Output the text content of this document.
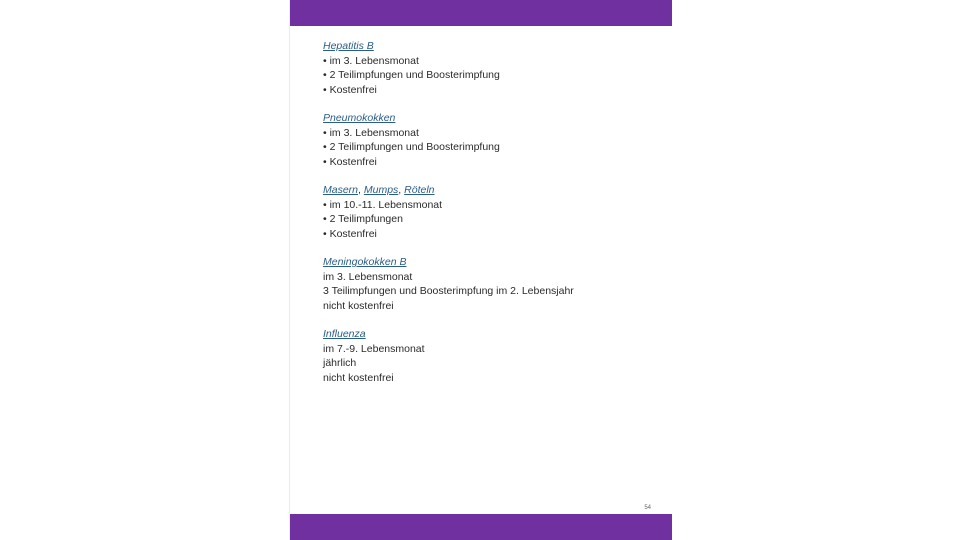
Hepatitis B
• im 3. Lebensmonat
• 2 Teilimpfungen und Boosterimpfung
• Kostenfrei
Pneumokokken
• im 3. Lebensmonat
• 2 Teilimpfungen und Boosterimpfung
• Kostenfrei
Masern, Mumps, Röteln
• im 10.-11. Lebensmonat
• 2 Teilimpfungen
• Kostenfrei
Meningokokken B
im 3. Lebensmonat
3 Teilimpfungen und Boosterimpfung im 2. Lebensjahr
nicht kostenfrei
Influenza
im 7.-9. Lebensmonat
jährlich
nicht kostenfrei
54
